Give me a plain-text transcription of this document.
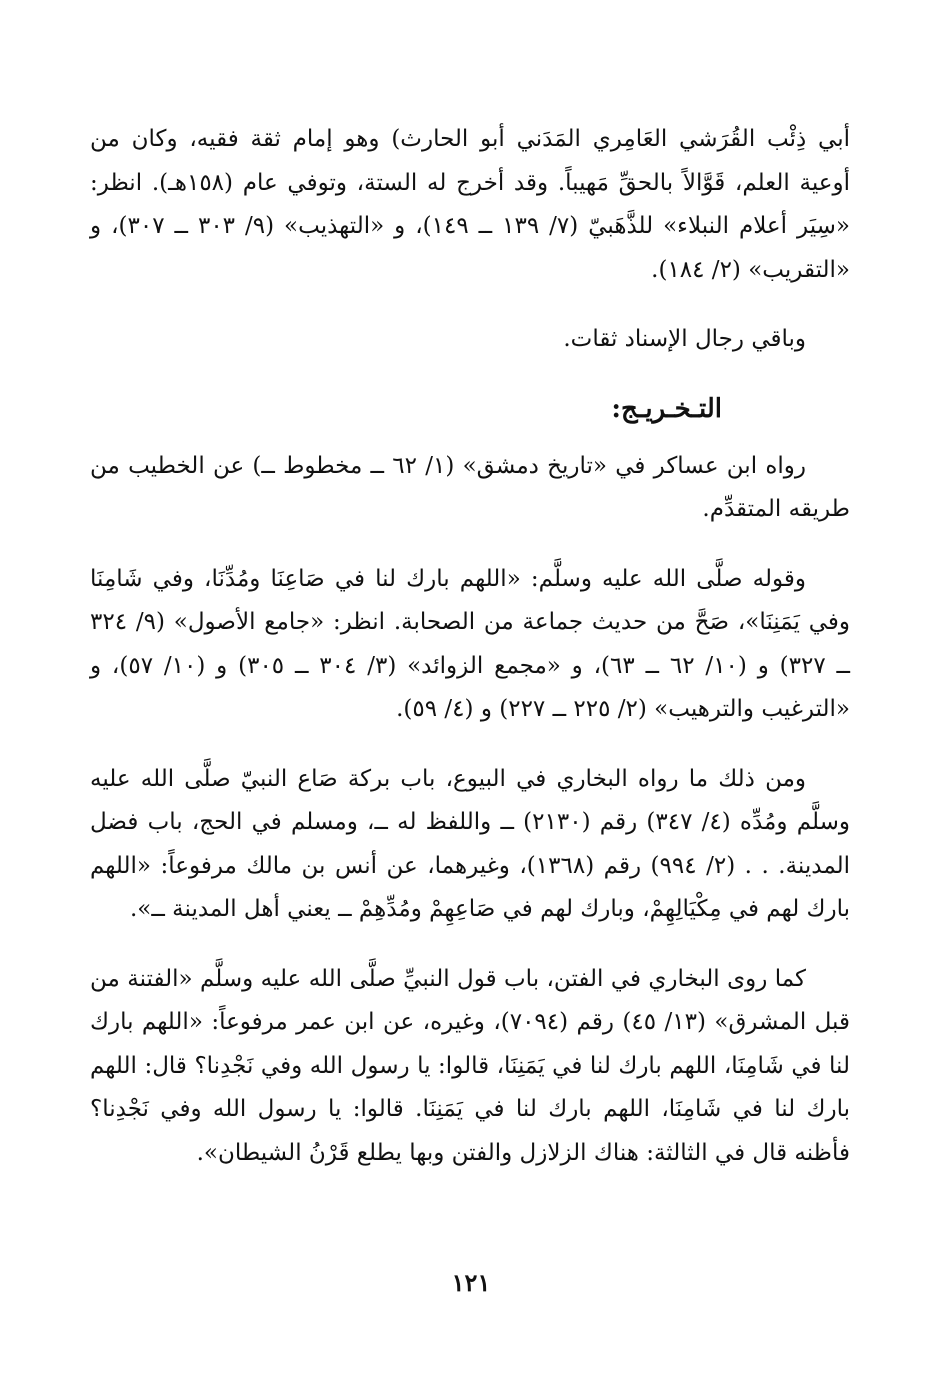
أبي ذِئْب القُرَشي العَامِري المَدَني أبو الحارث) وهو إمام ثقة فقيه، وكان من أوعية العلم، قَوَّالاً بالحقِّ مَهيباً. وقد أخرج له الستة، وتوفي عام (١٥٨هـ). انظر: «سِيَر أعلام النبلاء» للذَّهَبيّ (٧/ ١٣٩ ــ ١٤٩)، و «التهذيب» (٩/ ٣٠٣ ــ ٣٠٧)، و «التقريب» (٢/ ١٨٤).

وباقي رجال الإسناد ثقات.

التـخـريـج:

رواه ابن عساكر في «تاريخ دمشق» (١/ ٦٢ ــ مخطوط ــ) عن الخطيب من طريقه المتقدِّم.

وقوله صلَّى الله عليه وسلَّم: «اللهم بارك لنا في صَاعِنَا ومُدِّنَا، وفي شَامِنَا وفي يَمَنِنَا»، صَحَّ من حديث جماعة من الصحابة. انظر: «جامع الأصول» (٩/ ٣٢٤ ــ ٣٢٧) و (١٠/ ٦٢ ــ ٦٣)، و «مجمع الزوائد» (٣/ ٣٠٤ ــ ٣٠٥) و (١٠/ ٥٧)، و «الترغيب والترهيب» (٢/ ٢٢٥ ــ ٢٢٧) و (٤/ ٥٩).

ومن ذلك ما رواه البخاري في البيوع، باب بركة صَاع النبيّ صلَّى الله عليه وسلَّم ومُدِّه (٤/ ٣٤٧) رقم (٢١٣٠) ــ واللفظ له ــ، ومسلم في الحج، باب فضل المدينة. . . (٢/ ٩٩٤) رقم (١٣٦٨)، وغيرهما، عن أنس بن مالك مرفوعاً: «اللهم بارك لهم في مِكْيَالِهِمْ، وبارك لهم في صَاعِهِمْ ومُدِّهِمْ ــ يعني أهل المدينة ــ».

كما روى البخاري في الفتن، باب قول النبيِّ صلَّى الله عليه وسلَّم «الفتنة من قبل المشرق» (١٣/ ٤٥) رقم (٧٠٩٤)، وغيره، عن ابن عمر مرفوعاً: «اللهم بارك لنا في شَامِنَا، اللهم بارك لنا في يَمَنِنَا، قالوا: يا رسول الله وفي نَجْدِنا؟ قال: اللهم بارك لنا في شَامِنَا، اللهم بارك لنا في يَمَنِنَا. قالوا: يا رسول الله وفي نَجْدِنا؟ فأظنه قال في الثالثة: هناك الزلازل والفتن وبها يطلع قَرْنُ الشيطان».

١٢١
